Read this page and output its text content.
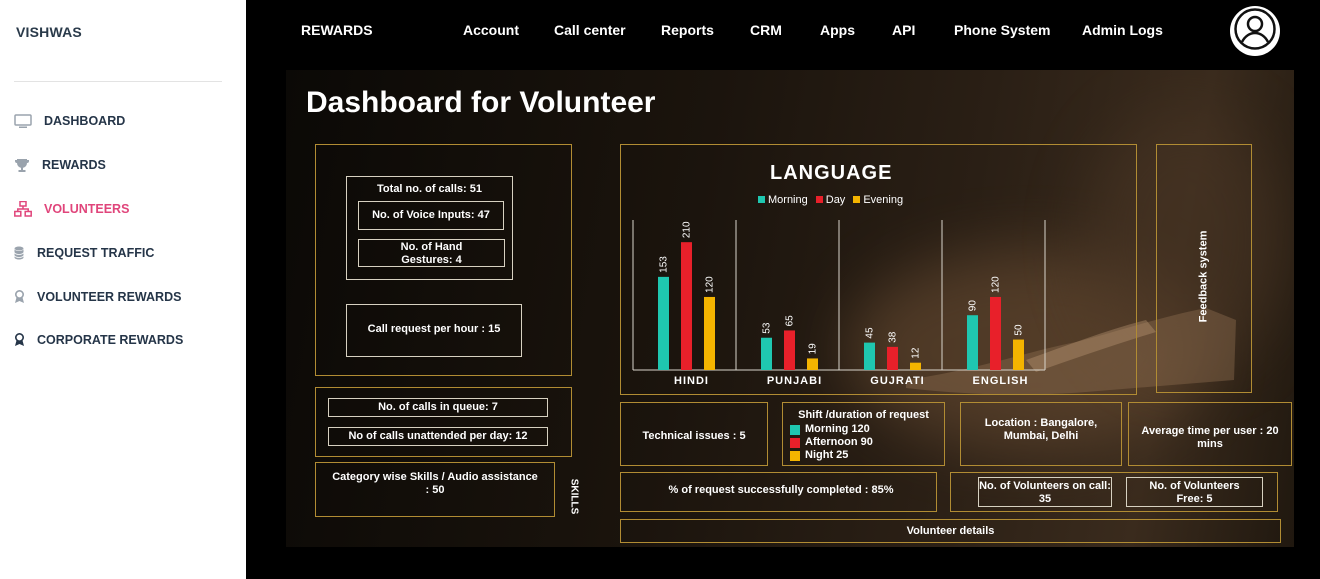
VISHWAS
DASHBOARD
REWARDS
VOLUNTEERS
REQUEST TRAFFIC
VOLUNTEER REWARDS
CORPORATE REWARDS
REWARDS	Account	Call center	Reports	CRM	Apps	API	Phone System Admin Logs
Dashboard for Volunteer
Total no. of calls: 51
No. of Voice Inputs: 47
No. of Hand Gestures: 4
Call request per hour : 15
No. of calls in queue: 7
No of calls unattended per day: 12
Category wise Skills / Audio assistance : 50	SKILLS
LANGUAGE
Morning	Day	Evening
153
210
120
HINDI
53
65
19
PUNJABI
45 38
12
GUJRATI
90
120
50
ENGLISH
Feedback system
Technical issues : 5
Shift /duration of request
Morning 120
Afternoon 90
Night 25
Location : Bangalore, Mumbai, Delhi	Average time per user : 20 mins
% of request successfully completed : 85%	No. of Volunteers on call: 35
No. of Volunteers Free: 5
Volunteer details
